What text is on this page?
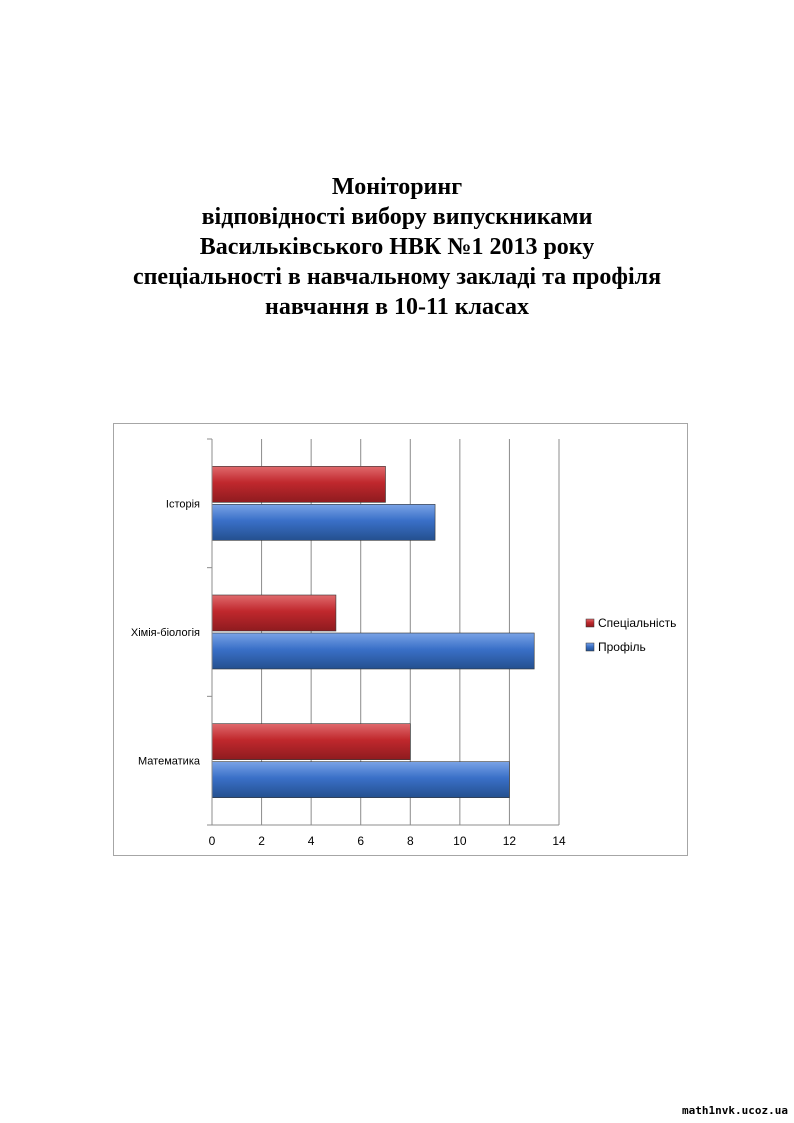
Моніторинг
відповідності вибору випускниками
Васильківського НВК №1 2013 року
спеціальності в навчальному закладі та профіля
навчання в 10-11 класах
0	2	4	6	8	10	12	14
Історія
Хімія-біологія
Математика
Спеціальність
Профіль
math1nvk.ucoz.ua
